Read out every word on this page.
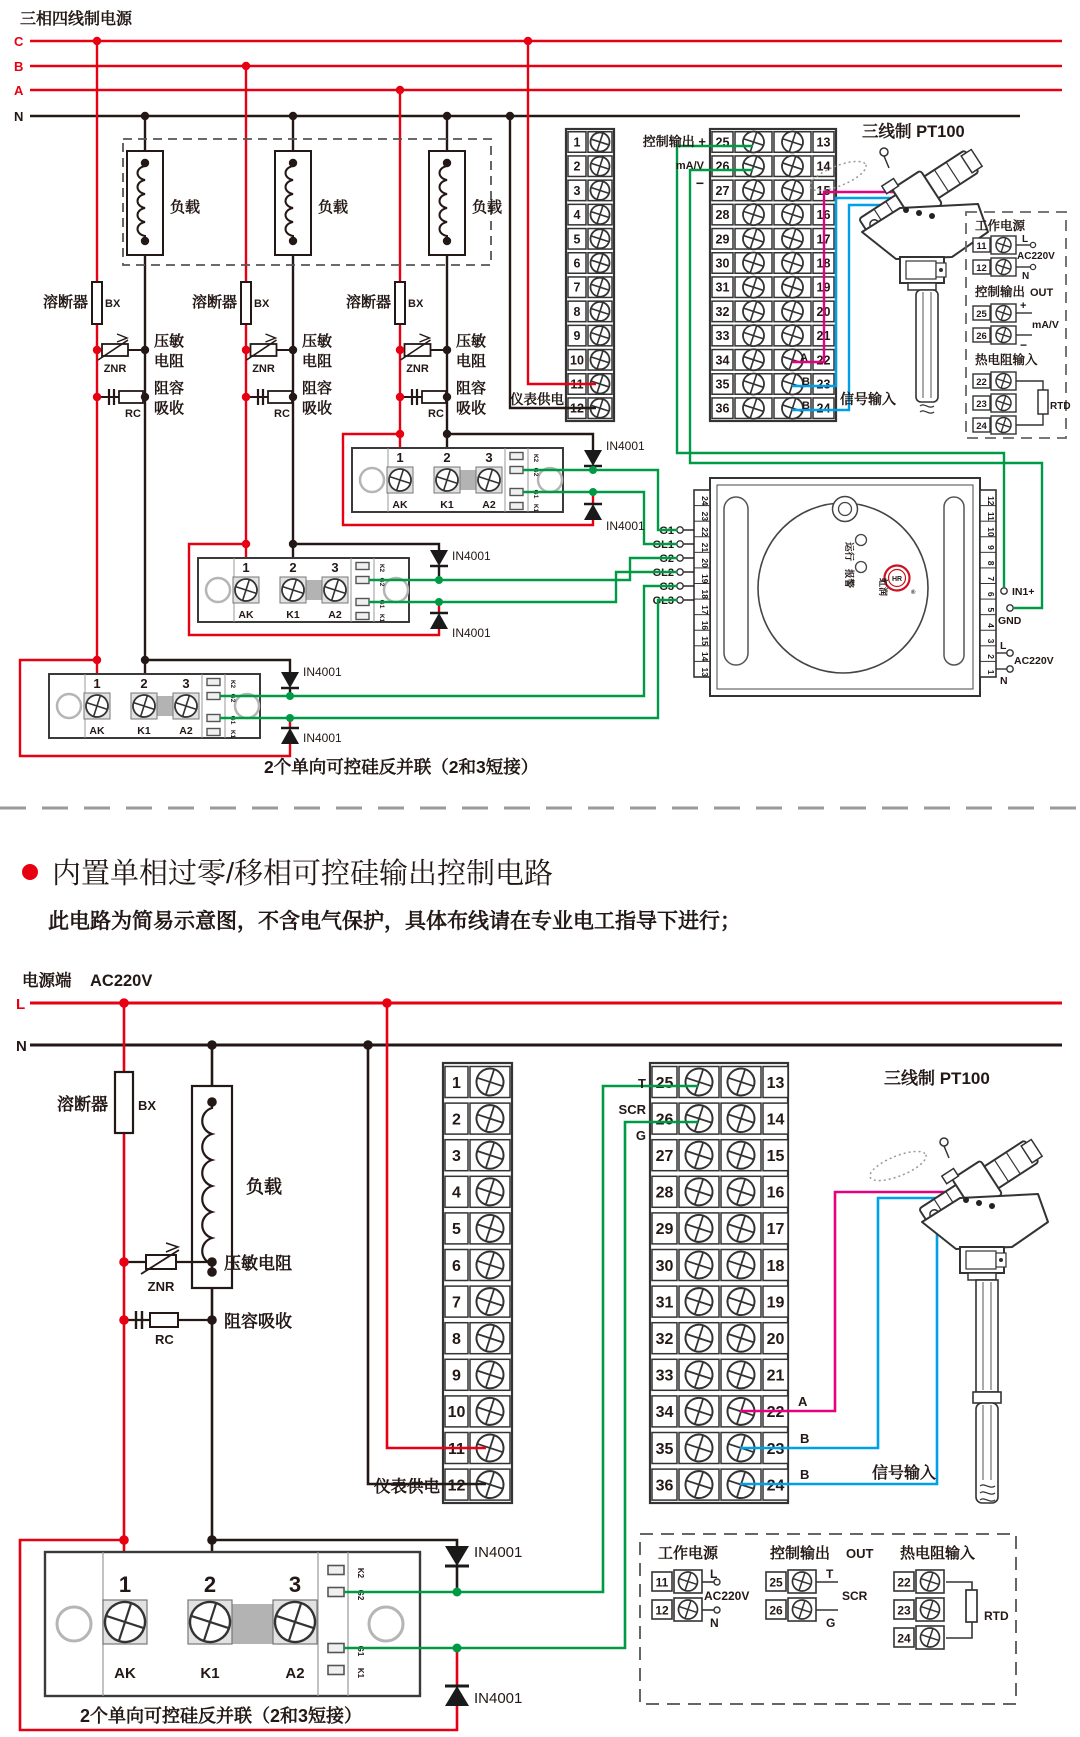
负载	负载	负载
溶断器 BX
ZNR
压敏
电阻
RC
阻容
吸收
溶断器 BX
ZNR
压敏
电阻
RC
阻容
吸收
溶断器 BX
ZNR
压敏
电阻
RC
阻容
吸收
1
AK
2
K1
3
A2
K2
G2
G1
K1
1
AK
2
K1
3
A2
K2
G2
G1
K1
1
AK
2
K1
3
A2
K2
G2
G1
K1
1
2
3
4
5
6
7
8
9
10
11
12
25	13
26	14
27	15
28	16
29	17
30	18
31	19
32	20
33	21
34	22
35	23
36	24
1
2
3
4
5
6
7
8
9
10
11
12
25	13
26	14
27	15
28	16
29	17
30	18
31	19
32	20
33	21
34	22
35	23
36	24
运行
报警	虹润 HR
®
24
23
22
21
20
19
18
17
16
15
14
13
12
11
10
9
8
7
6
5
4
3
2
1
G1
GL1
G2
GL2
G3
GL3
工作电源
11
12
L
AC220V
N
控制输出 OUT
25
26
+
mA/V
−
热电阻输入
22
23
24
RTD
三相四线制电源
C
B
A
N
2个单向可控硅反并联（2和3短接）
仪表供电
控制输出 +
mA/V
−
A
B
B 信号输入
三线制 PT100
IN4001
IN4001
IN4001
IN4001
IN4001
IN4001
IN1+
GND
L
AC220V
N
内置单相过零/移相可控硅输出控制电路
此电路为简易示意图，不含电气保护，具体布线请在专业电工指导下进行；
电源端 AC220V
L
N
溶断器 BX
负载
ZNR
压敏电阻
RC
阻容吸收
1
AK
2
K1
3
A2
K2
G2
G1
K1
工作电源
11
12
L
AC220V
N
控制输出 OUT
25
26
T
SCR
G
热电阻输入
22
23
24
RTD
三线制 PT100
T
SCR
G
A
B
B	信号输入
仪表供电
IN4001
IN4001
2个单向可控硅反并联（2和3短接）
